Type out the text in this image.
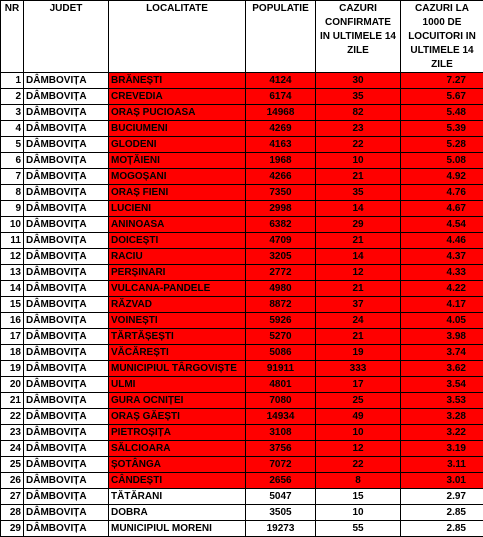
NR	JUDET	LOCALITATE	POPULATIE	CAZURI CONFIRMATE IN ULTIMELE 14 ZILE	CAZURI LA 1000 DE LOCUITORI IN ULTIMELE 14 ZILE
1	DÂMBOVIȚA	BRĂNEȘTI	4124	30	7.27
2	DÂMBOVIȚA	CREVEDIA	6174	35	5.67
3	DÂMBOVIȚA	ORAȘ PUCIOASA	14968	82	5.48
4	DÂMBOVIȚA	BUCIUMENI	4269	23	5.39
5	DÂMBOVIȚA	GLODENI	4163	22	5.28
6	DÂMBOVIȚA	MOȚĂIENI	1968	10	5.08
7	DÂMBOVIȚA	MOGOȘANI	4266	21	4.92
8	DÂMBOVIȚA	ORAȘ FIENI	7350	35	4.76
9	DÂMBOVIȚA	LUCIENI	2998	14	4.67
10	DÂMBOVIȚA	ANINOASA	6382	29	4.54
11	DÂMBOVIȚA	DOICEȘTI	4709	21	4.46
12	DÂMBOVIȚA	RACIU	3205	14	4.37
13	DÂMBOVIȚA	PERȘINARI	2772	12	4.33
14	DÂMBOVIȚA	VULCANA-PANDELE	4980	21	4.22
15	DÂMBOVIȚA	RĂZVAD	8872	37	4.17
16	DÂMBOVIȚA	VOINEȘTI	5926	24	4.05
17	DÂMBOVIȚA	TĂRTĂȘEȘTI	5270	21	3.98
18	DÂMBOVIȚA	VĂCĂREȘTI	5086	19	3.74
19	DÂMBOVIȚA	MUNICIPIUL TÂRGOVIȘTE	91911	333	3.62
20	DÂMBOVIȚA	ULMI	4801	17	3.54
21	DÂMBOVIȚA	GURA OCNIȚEI	7080	25	3.53
22	DÂMBOVIȚA	ORAȘ GĂEȘTI	14934	49	3.28
23	DÂMBOVIȚA	PIETROȘIȚA	3108	10	3.22
24	DÂMBOVIȚA	SĂLCIOARA	3756	12	3.19
25	DÂMBOVIȚA	ȘOTÂNGA	7072	22	3.11
26	DÂMBOVIȚA	CÂNDEȘTI	2656	8	3.01
27	DÂMBOVIȚA	TĂTĂRANI	5047	15	2.97
28	DÂMBOVIȚA	DOBRA	3505	10	2.85
29	DÂMBOVIȚA	MUNICIPIUL MORENI	19273	55	2.85
